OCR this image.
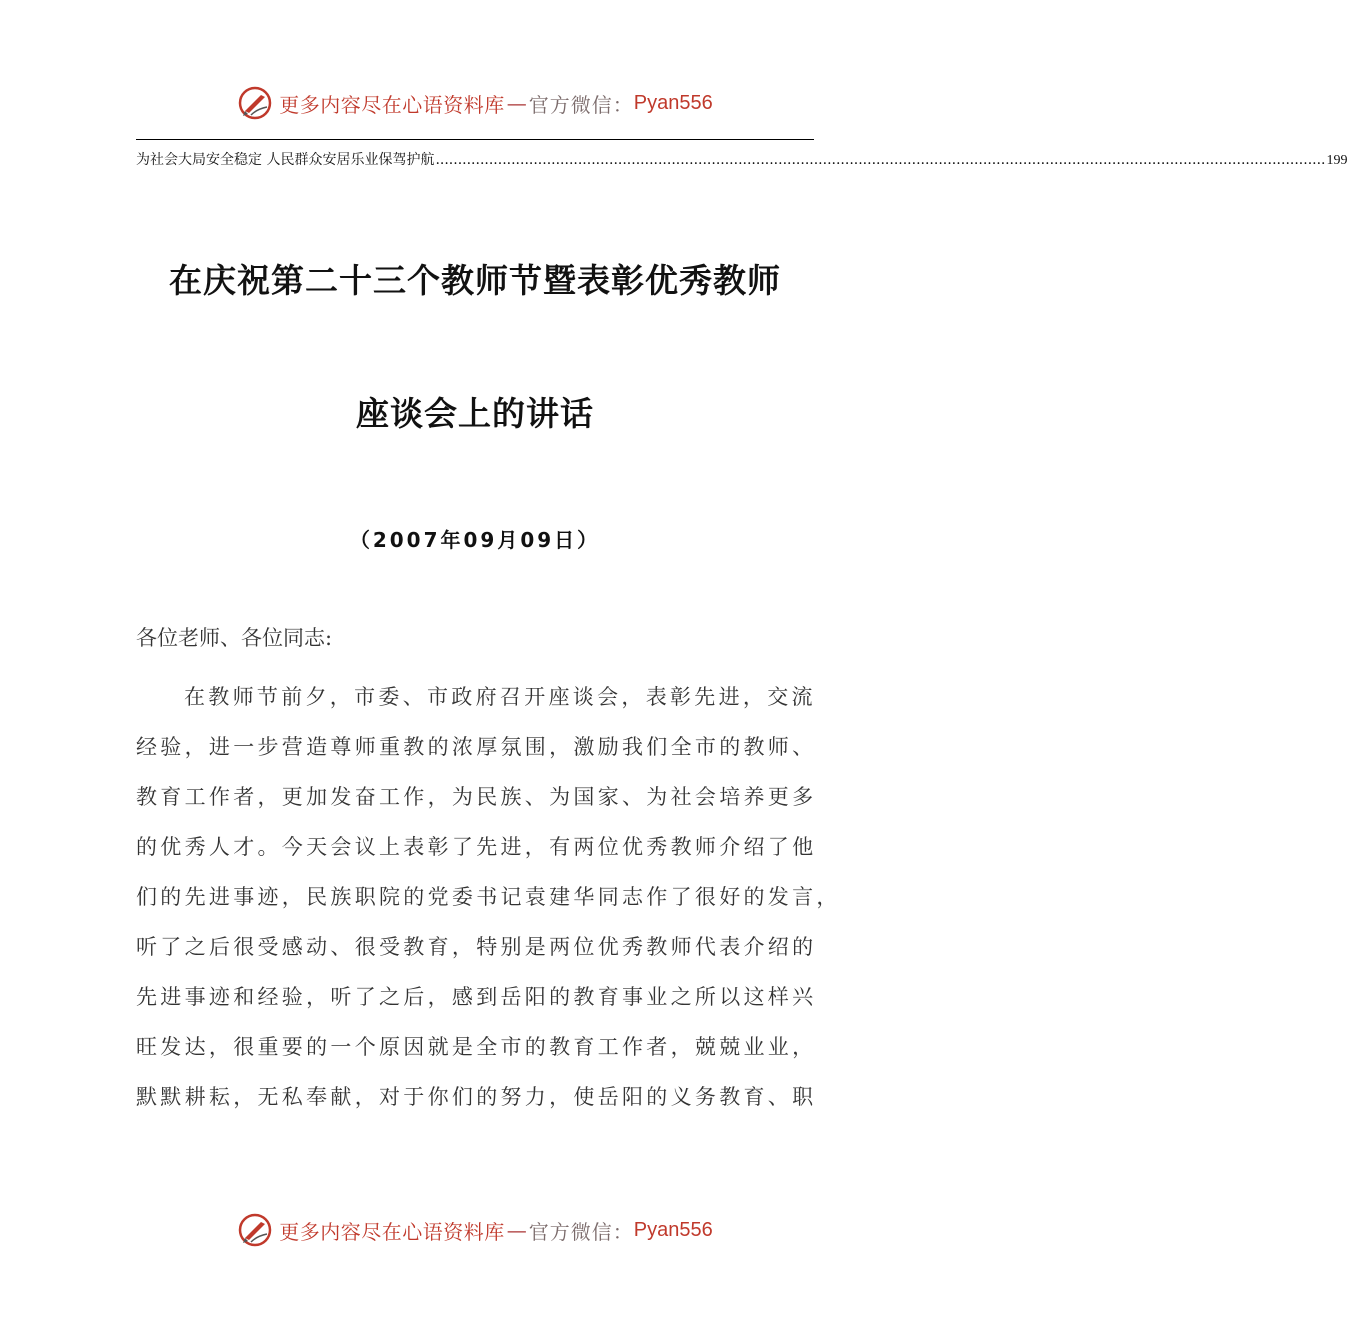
更多内容尽在心语资料库 — 官方微信： Pyan556
为社会大局安全稳定 人民群众安居乐业保驾护航 ........................................................................................................................................................................................................ 199
在庆祝第二十三个教师节暨表彰优秀教师
座谈会上的讲话
（2007年09月09日）
各位老师、各位同志:
在教师节前夕，市委、市政府召开座谈会，表彰先进，交流
经验，进一步营造尊师重教的浓厚氛围，激励我们全市的教师、
教育工作者，更加发奋工作，为民族、为国家、为社会培养更多
的优秀人才。今天会议上表彰了先进，有两位优秀教师介绍了他
们的先进事迹，民族职院的党委书记袁建华同志作了很好的发言，
听了之后很受感动、很受教育，特别是两位优秀教师代表介绍的
先进事迹和经验，听了之后，感到岳阳的教育事业之所以这样兴
旺发达，很重要的一个原因就是全市的教育工作者，兢兢业业，
默默耕耘，无私奉献，对于你们的努力，使岳阳的义务教育、职
更多内容尽在心语资料库 — 官方微信： Pyan556
